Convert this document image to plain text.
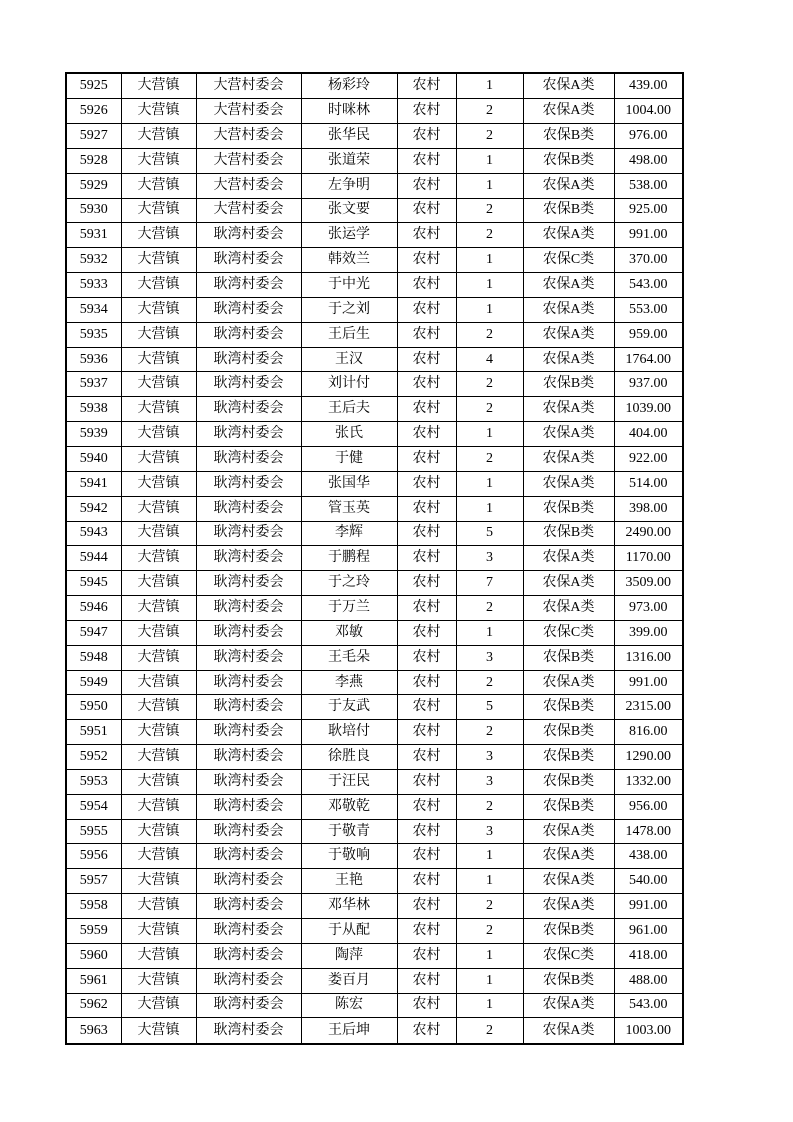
5925	大营镇	大营村委会	杨彩玲	农村	1	农保A类	439.00
5926	大营镇	大营村委会	时咪林	农村	2	农保A类	1004.00
5927	大营镇	大营村委会	张华民	农村	2	农保B类	976.00
5928	大营镇	大营村委会	张道荣	农村	1	农保B类	498.00
5929	大营镇	大营村委会	左争明	农村	1	农保A类	538.00
5930	大营镇	大营村委会	张文要	农村	2	农保B类	925.00
5931	大营镇	耿湾村委会	张运学	农村	2	农保A类	991.00
5932	大营镇	耿湾村委会	韩效兰	农村	1	农保C类	370.00
5933	大营镇	耿湾村委会	于中光	农村	1	农保A类	543.00
5934	大营镇	耿湾村委会	于之刘	农村	1	农保A类	553.00
5935	大营镇	耿湾村委会	王后生	农村	2	农保A类	959.00
5936	大营镇	耿湾村委会	王汉	农村	4	农保A类	1764.00
5937	大营镇	耿湾村委会	刘计付	农村	2	农保B类	937.00
5938	大营镇	耿湾村委会	王后夫	农村	2	农保A类	1039.00
5939	大营镇	耿湾村委会	张氏	农村	1	农保A类	404.00
5940	大营镇	耿湾村委会	于健	农村	2	农保A类	922.00
5941	大营镇	耿湾村委会	张国华	农村	1	农保A类	514.00
5942	大营镇	耿湾村委会	管玉英	农村	1	农保B类	398.00
5943	大营镇	耿湾村委会	李辉	农村	5	农保B类	2490.00
5944	大营镇	耿湾村委会	于鹏程	农村	3	农保A类	1170.00
5945	大营镇	耿湾村委会	于之玲	农村	7	农保A类	3509.00
5946	大营镇	耿湾村委会	于万兰	农村	2	农保A类	973.00
5947	大营镇	耿湾村委会	邓敏	农村	1	农保C类	399.00
5948	大营镇	耿湾村委会	王毛朵	农村	3	农保B类	1316.00
5949	大营镇	耿湾村委会	李燕	农村	2	农保A类	991.00
5950	大营镇	耿湾村委会	于友武	农村	5	农保B类	2315.00
5951	大营镇	耿湾村委会	耿培付	农村	2	农保B类	816.00
5952	大营镇	耿湾村委会	徐胜良	农村	3	农保B类	1290.00
5953	大营镇	耿湾村委会	于汪民	农村	3	农保B类	1332.00
5954	大营镇	耿湾村委会	邓敬乾	农村	2	农保B类	956.00
5955	大营镇	耿湾村委会	于敬青	农村	3	农保A类	1478.00
5956	大营镇	耿湾村委会	于敬响	农村	1	农保A类	438.00
5957	大营镇	耿湾村委会	王艳	农村	1	农保A类	540.00
5958	大营镇	耿湾村委会	邓华林	农村	2	农保A类	991.00
5959	大营镇	耿湾村委会	于从配	农村	2	农保B类	961.00
5960	大营镇	耿湾村委会	陶萍	农村	1	农保C类	418.00
5961	大营镇	耿湾村委会	娄百月	农村	1	农保B类	488.00
5962	大营镇	耿湾村委会	陈宏	农村	1	农保A类	543.00
5963	大营镇	耿湾村委会	王后坤	农村	2	农保A类	1003.00
